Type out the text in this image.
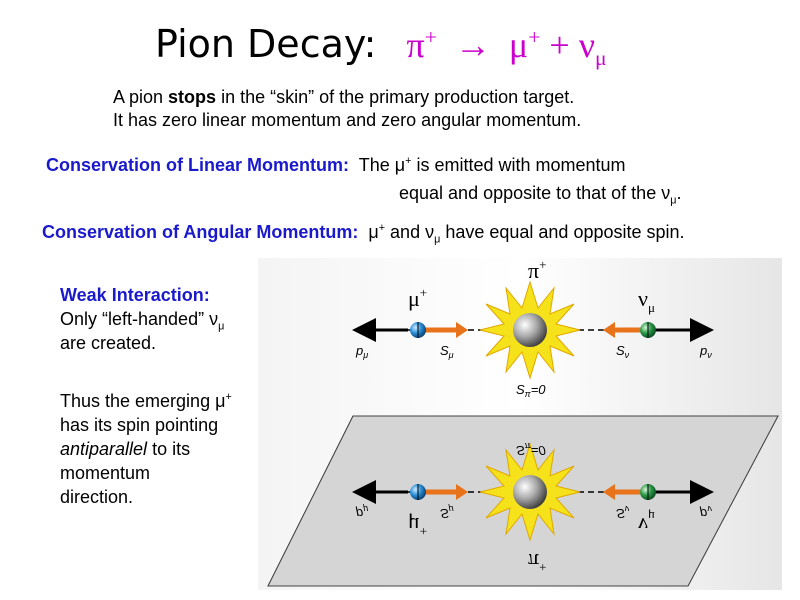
Pion Decay: $\pi^+ \to \mu^+ + \nu_\mu$
A pion stops in the “skin” of the primary production target.
It has zero linear momentum and zero angular momentum.
Conservation of Linear Momentum: The μ+ is emitted with momentum
equal and opposite to that of the $\nu_\mu$.
Conservation of Angular Momentum: μ+ and $\nu_\mu$ have equal and opposite spin.
Weak Interaction:
Only “left-handed” $\nu_\mu$
are created.
Thus the emerging μ+
has its spin pointing
antiparallel to its
momentum
direction.
π+
μ+	$\nu_\mu$
$p_\mu$	$S_\mu$	$S_\nu$	$p_\nu$
$S_\pi=0$
$S_\pi=0$
$p_\mu$	$S_\mu$	$S_\nu$	$p_\nu$
μ+	$\nu_\mu$
π+
